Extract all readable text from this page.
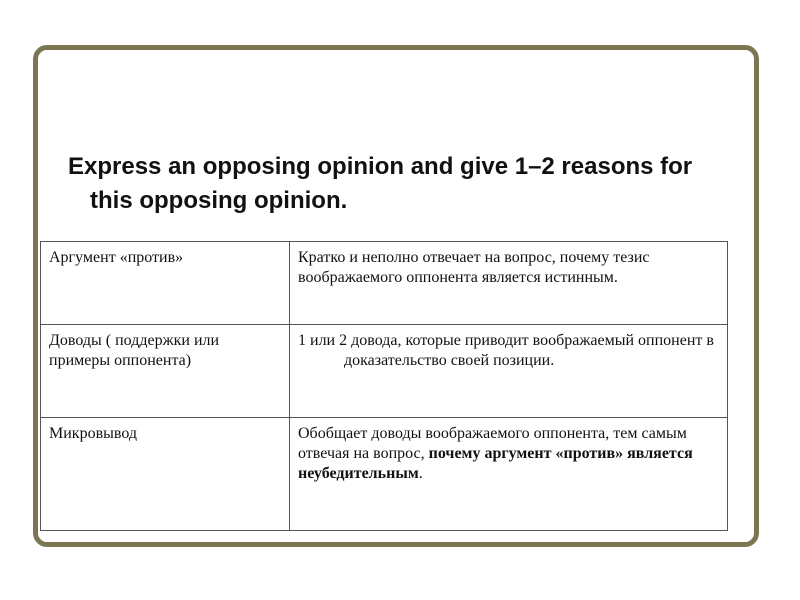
Express an opposing opinion and give 1–2 reasons for this opposing opinion.
Аргумент «против»	Кратко и неполно отвечает на вопрос, почему тезис воображаемого оппонента является истинным.
Доводы ( поддержки или примеры оппонента)	1 или 2 довода, которые приводит воображаемый оппонент в доказательство своей позиции.
Микровывод	Обобщает доводы воображаемого оппонента, тем самым отвечая на вопрос, почему аргумент «против» является неубедительным.
